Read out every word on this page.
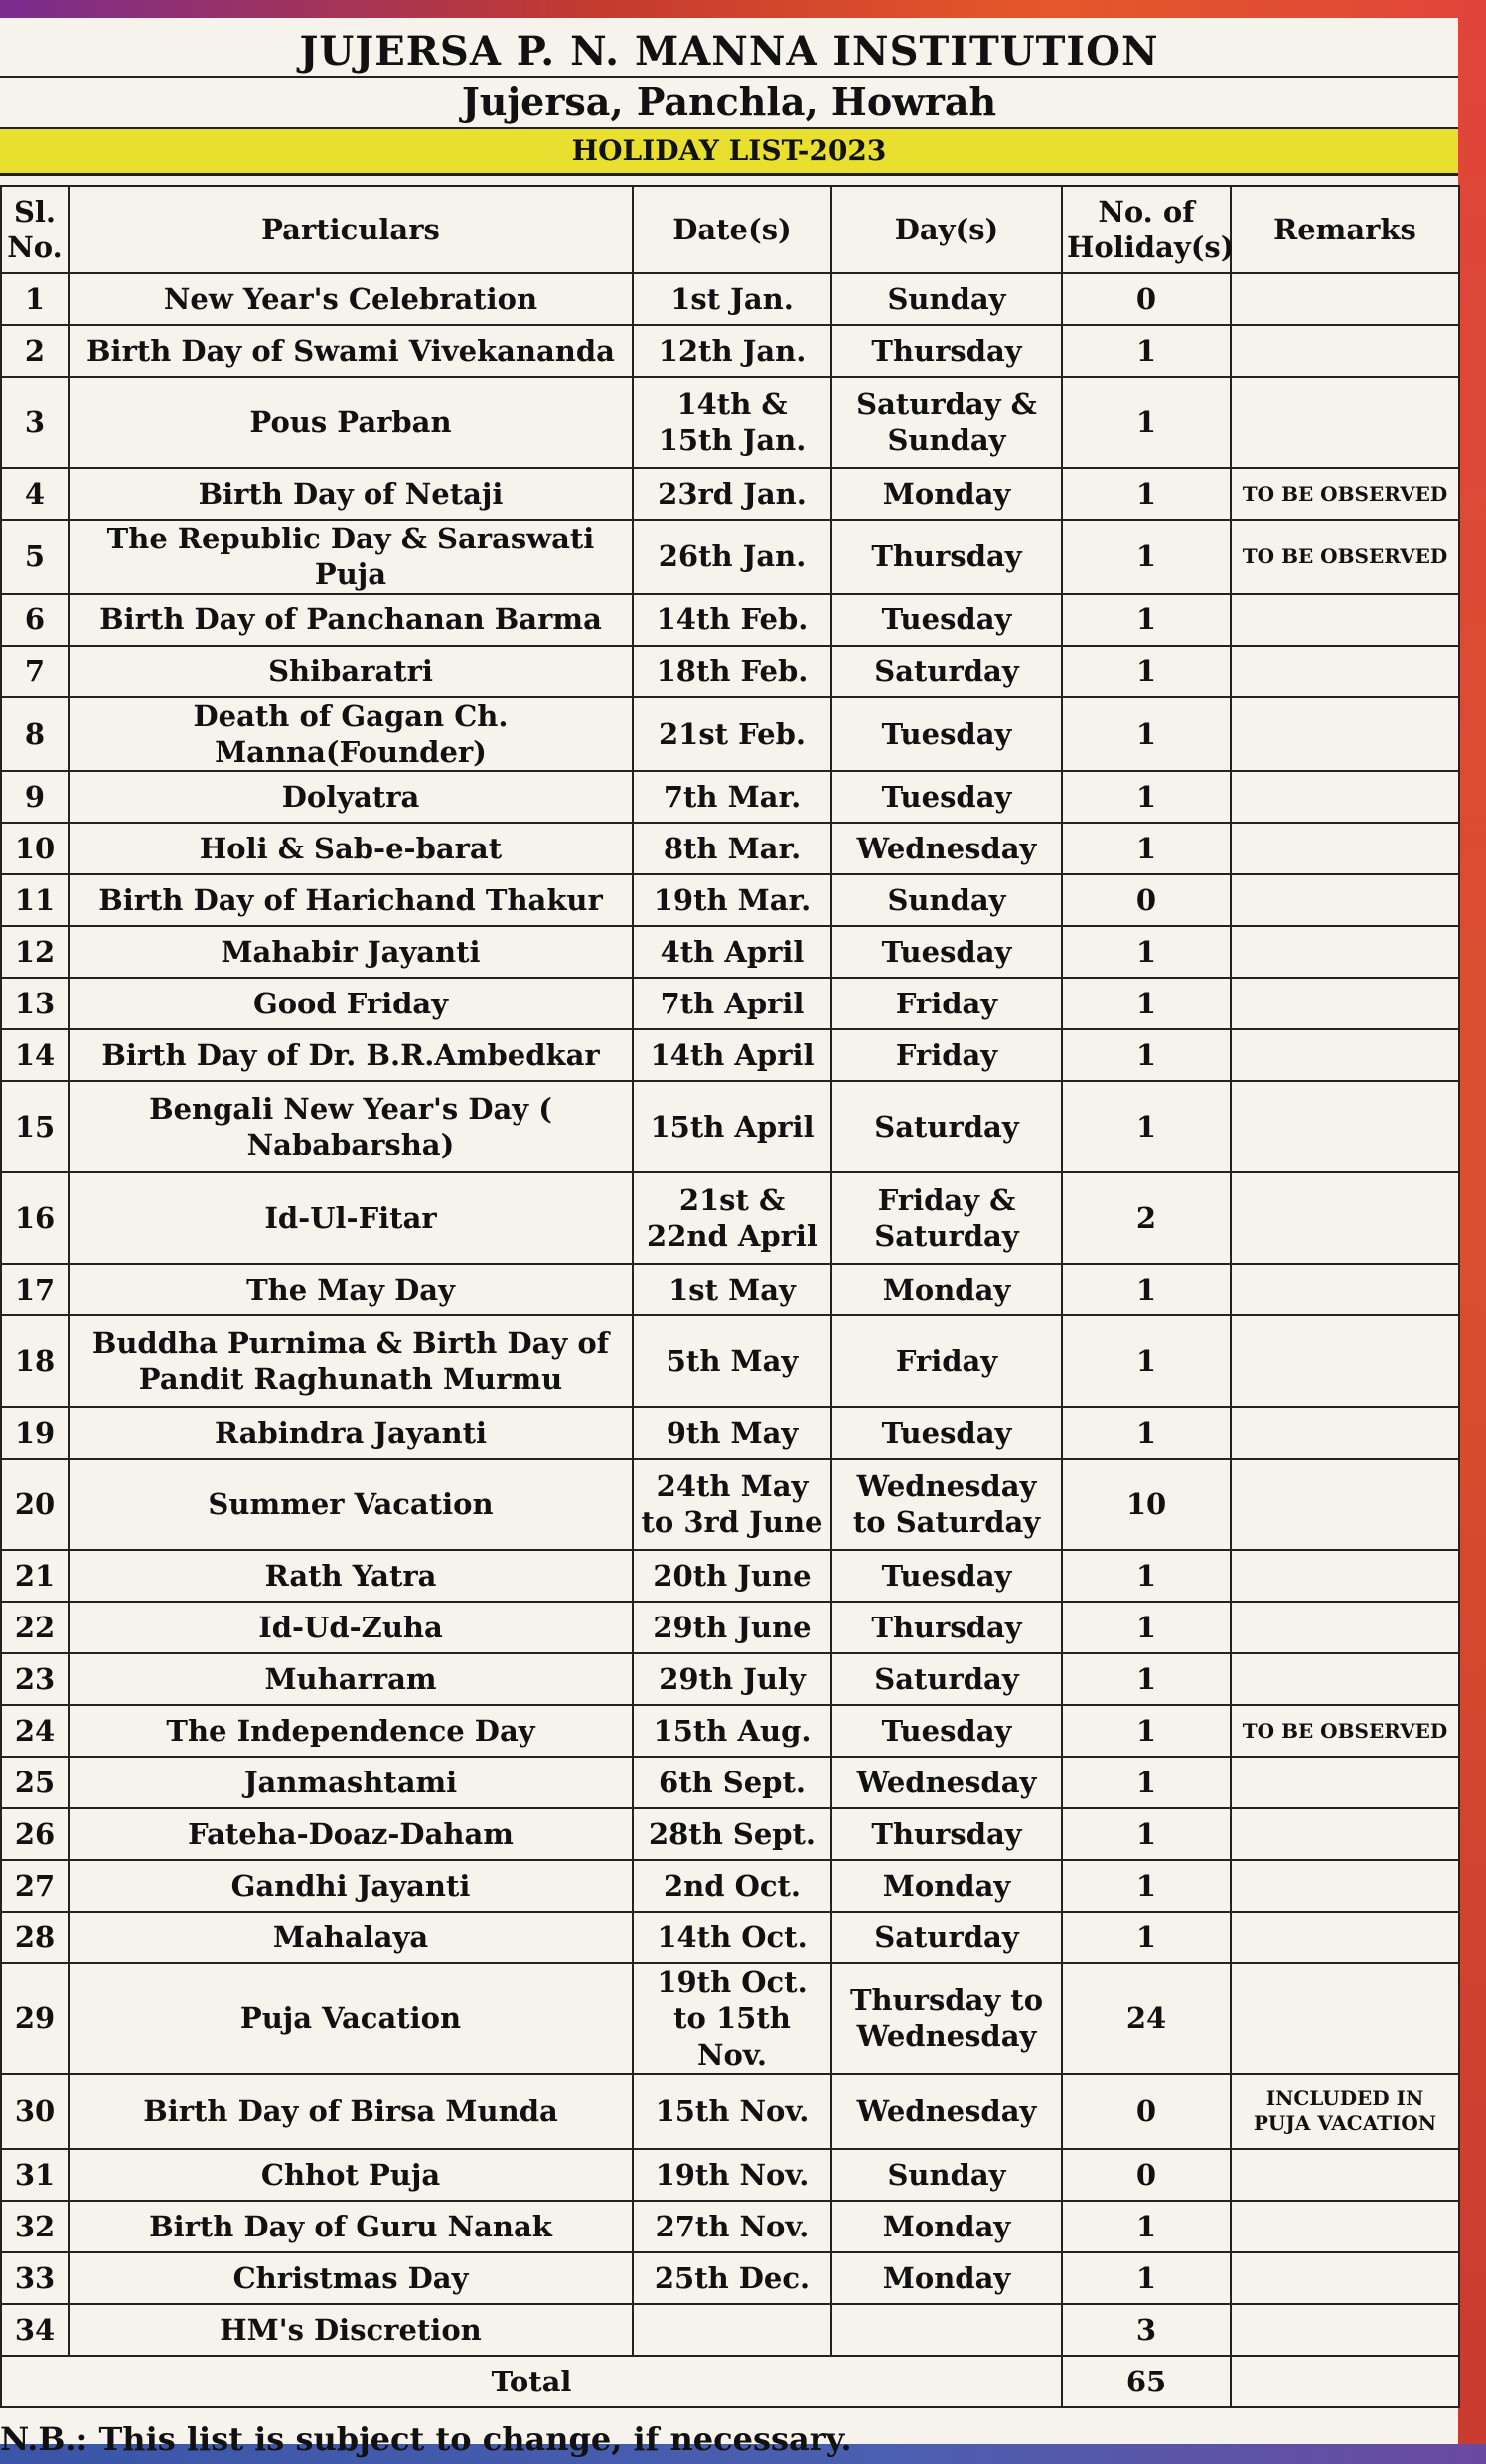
JUJERSA P. N. MANNA INSTITUTION
Jujersa, Panchla, Howrah
HOLIDAY LIST-2023
Sl. No.	Particulars	Date(s)	Day(s)	No. of Holiday(s)	Remarks
1	New Year's Celebration	1st Jan.	Sunday	0	
2	Birth Day of Swami Vivekananda	12th Jan.	Thursday	1	
3	Pous Parban	14th & 15th Jan.	Saturday & Sunday	1	
4	Birth Day of Netaji	23rd Jan.	Monday	1	TO BE OBSERVED
5	The Republic Day & Saraswati Puja	26th Jan.	Thursday	1	TO BE OBSERVED
6	Birth Day of Panchanan Barma	14th Feb.	Tuesday	1	
7	Shibaratri	18th Feb.	Saturday	1	
8	Death of Gagan Ch. Manna(Founder)	21st Feb.	Tuesday	1	
9	Dolyatra	7th Mar.	Tuesday	1	
10	Holi & Sab-e-barat	8th Mar.	Wednesday	1	
11	Birth Day of Harichand Thakur	19th Mar.	Sunday	0	
12	Mahabir Jayanti	4th April	Tuesday	1	
13	Good Friday	7th April	Friday	1	
14	Birth Day of Dr. B.R.Ambedkar	14th April	Friday	1	
15	Bengali New Year's Day ( Nababarsha)	15th April	Saturday	1	
16	Id-Ul-Fitar	21st & 22nd April	Friday & Saturday	2	
17	The May Day	1st May	Monday	1	
18	Buddha Purnima & Birth Day of Pandit Raghunath Murmu	5th May	Friday	1	
19	Rabindra Jayanti	9th May	Tuesday	1	
20	Summer Vacation	24th May to 3rd June	Wednesday to Saturday	10	
21	Rath Yatra	20th June	Tuesday	1	
22	Id-Ud-Zuha	29th June	Thursday	1	
23	Muharram	29th July	Saturday	1	
24	The Independence Day	15th Aug.	Tuesday	1	TO BE OBSERVED
25	Janmashtami	6th Sept.	Wednesday	1	
26	Fateha-Doaz-Daham	28th Sept.	Thursday	1	
27	Gandhi Jayanti	2nd Oct.	Monday	1	
28	Mahalaya	14th Oct.	Saturday	1	
29	Puja Vacation	19th Oct. to 15th Nov.	Thursday to Wednesday	24	
30	Birth Day of Birsa Munda	15th Nov.	Wednesday	0	INCLUDED IN PUJA VACATION
31	Chhot Puja	19th Nov.	Sunday	0	
32	Birth Day of Guru Nanak	27th Nov.	Monday	1	
33	Christmas Day	25th Dec.	Monday	1	
34	HM's Discretion			3	
Total				65	
N.B.: This list is subject to change, if necessary.
